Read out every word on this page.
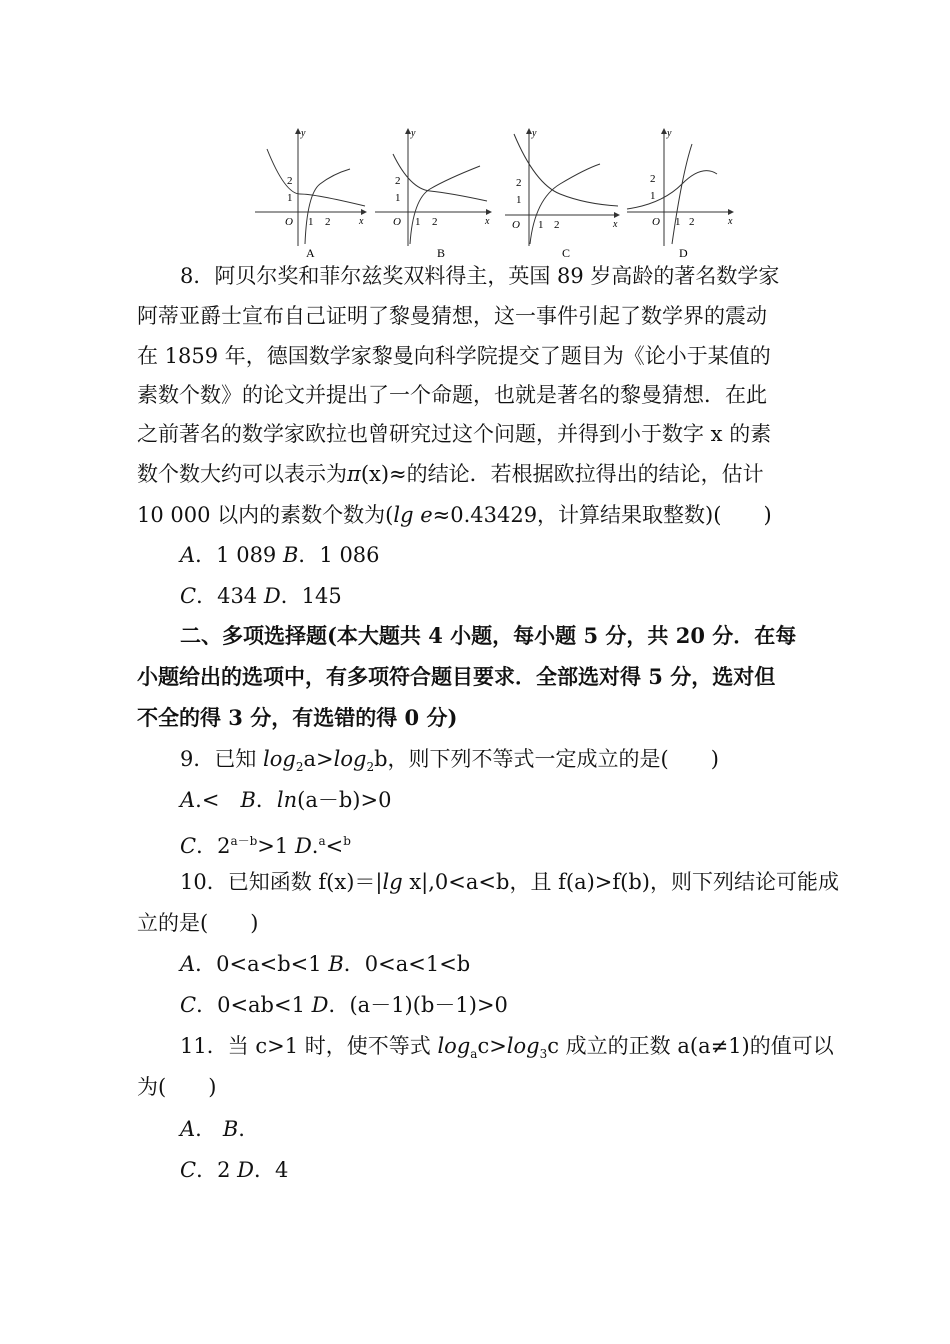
y
x
O 1 2
2
1
A
y
x
O 1 2
2
1
B
y
x
O 1 2
2
1
C
y
x
O 1 2
2
1
D
8．阿贝尔奖和菲尔兹奖双料得主，英国 89 岁高龄的著名数学家
阿蒂亚爵士宣布自己证明了黎曼猜想，这一事件引起了数学界的震动
在 1859 年，德国数学家黎曼向科学院提交了题目为《论小于某值的
素数个数》的论文并提出了一个命题，也就是著名的黎曼猜想．在此
之前著名的数学家欧拉也曾研究过这个问题，并得到小于数字 x 的素
数个数大约可以表示为π(x)≈的结论．若根据欧拉得出的结论，估计
10 000 以内的素数个数为(lg e≈0.43429，计算结果取整数)(　　)
A．1 089 B．1 086
C．434 D．145
二、多项选择题(本大题共 4 小题，每小题 5 分，共 20 分．在每
小题给出的选项中，有多项符合题目要求．全部选对得 5 分，选对但
不全的得 3 分，有选错的得 0 分)
9．已知 $\log_2a>\log_2b$，则下列不等式一定成立的是(　　)
A.<　B．ln(a－b)>0
C．$2^{a-b}>1$ D.$^a$<$^b$
10．已知函数 f(x)＝|lg x|,0<a<b，且 f(a)>f(b)，则下列结论可能成
立的是(　　)
A．0<a<b<1 B．0<a<1<b
C．0<ab<1 D．(a－1)(b－1)>0
11．当 c>1 时，使不等式 $\log_ac>\log_3c$ 成立的正数 a(a≠1)的值可以
为(　　)
A.　B.
C．2 D．4
